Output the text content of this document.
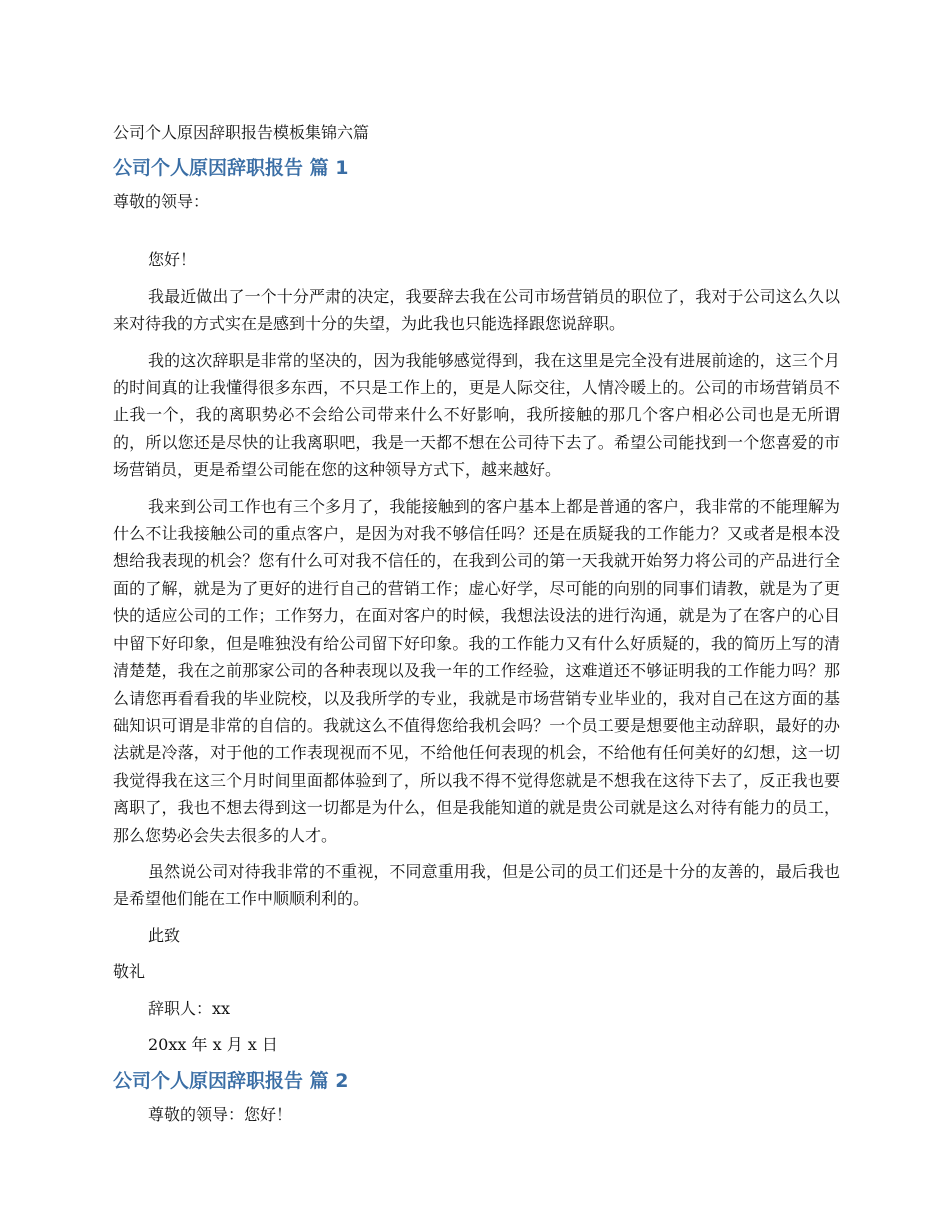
公司个人原因辞职报告模板集锦六篇
公司个人原因辞职报告 篇 1
尊敬的领导：
您好！
我最近做出了一个十分严肃的决定，我要辞去我在公司市场营销员的职位了，我对于公司这么久以来对待我的方式实在是感到十分的失望，为此我也只能选择跟您说辞职。
我的这次辞职是非常的坚决的，因为我能够感觉得到，我在这里是完全没有进展前途的，这三个月的时间真的让我懂得很多东西，不只是工作上的，更是人际交往，人情冷暖上的。公司的市场营销员不止我一个，我的离职势必不会给公司带来什么不好影响，我所接触的那几个客户相必公司也是无所谓的，所以您还是尽快的让我离职吧，我是一天都不想在公司待下去了。希望公司能找到一个您喜爱的市场营销员，更是希望公司能在您的这种领导方式下，越来越好。
我来到公司工作也有三个多月了，我能接触到的客户基本上都是普通的客户，我非常的不能理解为什么不让我接触公司的重点客户，是因为对我不够信任吗？还是在质疑我的工作能力？又或者是根本没想给我表现的机会？您有什么可对我不信任的，在我到公司的第一天我就开始努力将公司的产品进行全面的了解，就是为了更好的进行自己的营销工作；虚心好学，尽可能的向别的同事们请教，就是为了更快的适应公司的工作；工作努力，在面对客户的时候，我想法设法的进行沟通，就是为了在客户的心目中留下好印象，但是唯独没有给公司留下好印象。我的工作能力又有什么好质疑的，我的简历上写的清清楚楚，我在之前那家公司的各种表现以及我一年的工作经验，这难道还不够证明我的工作能力吗？那么请您再看看我的毕业院校，以及我所学的专业，我就是市场营销专业毕业的，我对自己在这方面的基础知识可谓是非常的自信的。我就这么不值得您给我机会吗？一个员工要是想要他主动辞职，最好的办法就是冷落，对于他的工作表现视而不见，不给他任何表现的机会，不给他有任何美好的幻想，这一切我觉得我在这三个月时间里面都体验到了，所以我不得不觉得您就是不想我在这待下去了，反正我也要离职了，我也不想去得到这一切都是为什么，但是我能知道的就是贵公司就是这么对待有能力的员工，那么您势必会失去很多的人才。
虽然说公司对待我非常的不重视，不同意重用我，但是公司的员工们还是十分的友善的，最后我也是希望他们能在工作中顺顺利利的。
此致
敬礼
辞职人：xx
20xx 年 x 月 x 日
公司个人原因辞职报告 篇 2
尊敬的领导：您好！
